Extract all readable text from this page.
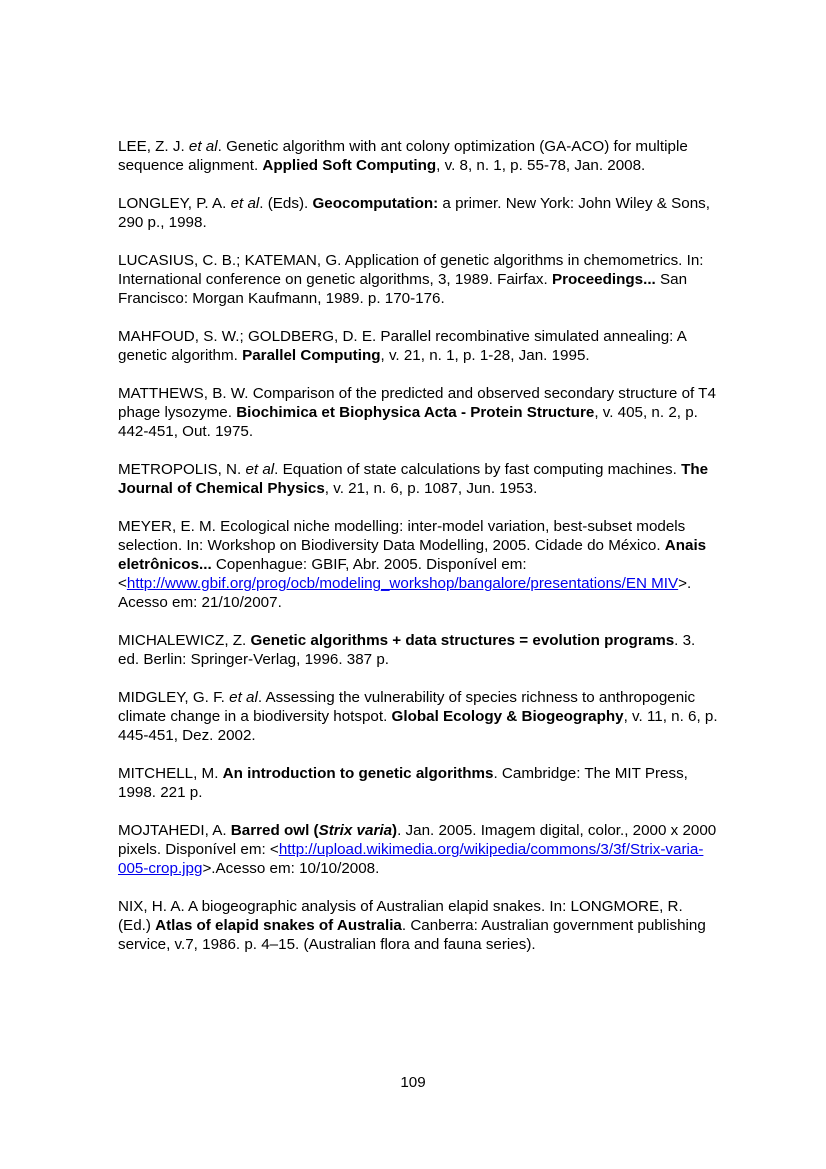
LEE, Z. J. et al. Genetic algorithm with ant colony optimization (GA-ACO) for multiple sequence alignment. Applied Soft Computing, v. 8, n. 1, p. 55-78, Jan. 2008.

LONGLEY, P. A. et al. (Eds). Geocomputation: a primer. New York: John Wiley & Sons, 290 p., 1998.

LUCASIUS, C. B.; KATEMAN, G. Application of genetic algorithms in chemometrics. In: International conference on genetic algorithms, 3, 1989. Fairfax. Proceedings... San Francisco: Morgan Kaufmann, 1989. p. 170-176.

MAHFOUD, S. W.; GOLDBERG, D. E. Parallel recombinative simulated annealing: A genetic algorithm. Parallel Computing, v. 21, n. 1, p. 1-28, Jan. 1995.

MATTHEWS, B. W. Comparison of the predicted and observed secondary structure of T4 phage lysozyme. Biochimica et Biophysica Acta - Protein Structure, v. 405, n. 2, p. 442-451, Out. 1975.

METROPOLIS, N. et al. Equation of state calculations by fast computing machines. The Journal of Chemical Physics, v. 21, n. 6, p. 1087, Jun. 1953.

MEYER, E. M. Ecological niche modelling: inter-model variation, best-subset models selection. In: Workshop on Biodiversity Data Modelling, 2005. Cidade do México. Anais eletrônicos... Copenhague: GBIF, Abr. 2005. Disponível em: <http://www.gbif.org/prog/ocb/modeling_workshop/bangalore/presentations/EN MIV>. Acesso em: 21/10/2007.

MICHALEWICZ, Z. Genetic algorithms + data structures = evolution programs. 3. ed. Berlin: Springer-Verlag, 1996. 387 p.

MIDGLEY, G. F. et al. Assessing the vulnerability of species richness to anthropogenic climate change in a biodiversity hotspot. Global Ecology & Biogeography, v. 11, n. 6, p. 445-451, Dez. 2002.

MITCHELL, M. An introduction to genetic algorithms. Cambridge: The MIT Press, 1998. 221 p.

MOJTAHEDI, A. Barred owl (Strix varia). Jan. 2005. Imagem digital, color., 2000 x 2000 pixels. Disponível em: <http://upload.wikimedia.org/wikipedia/commons/3/3f/Strix-varia-005-crop.jpg>.Acesso em: 10/10/2008.

NIX, H. A. A biogeographic analysis of Australian elapid snakes. In: LONGMORE, R. (Ed.) Atlas of elapid snakes of Australia. Canberra: Australian government publishing service, v.7, 1986. p. 4–15. (Australian flora and fauna series).

109
